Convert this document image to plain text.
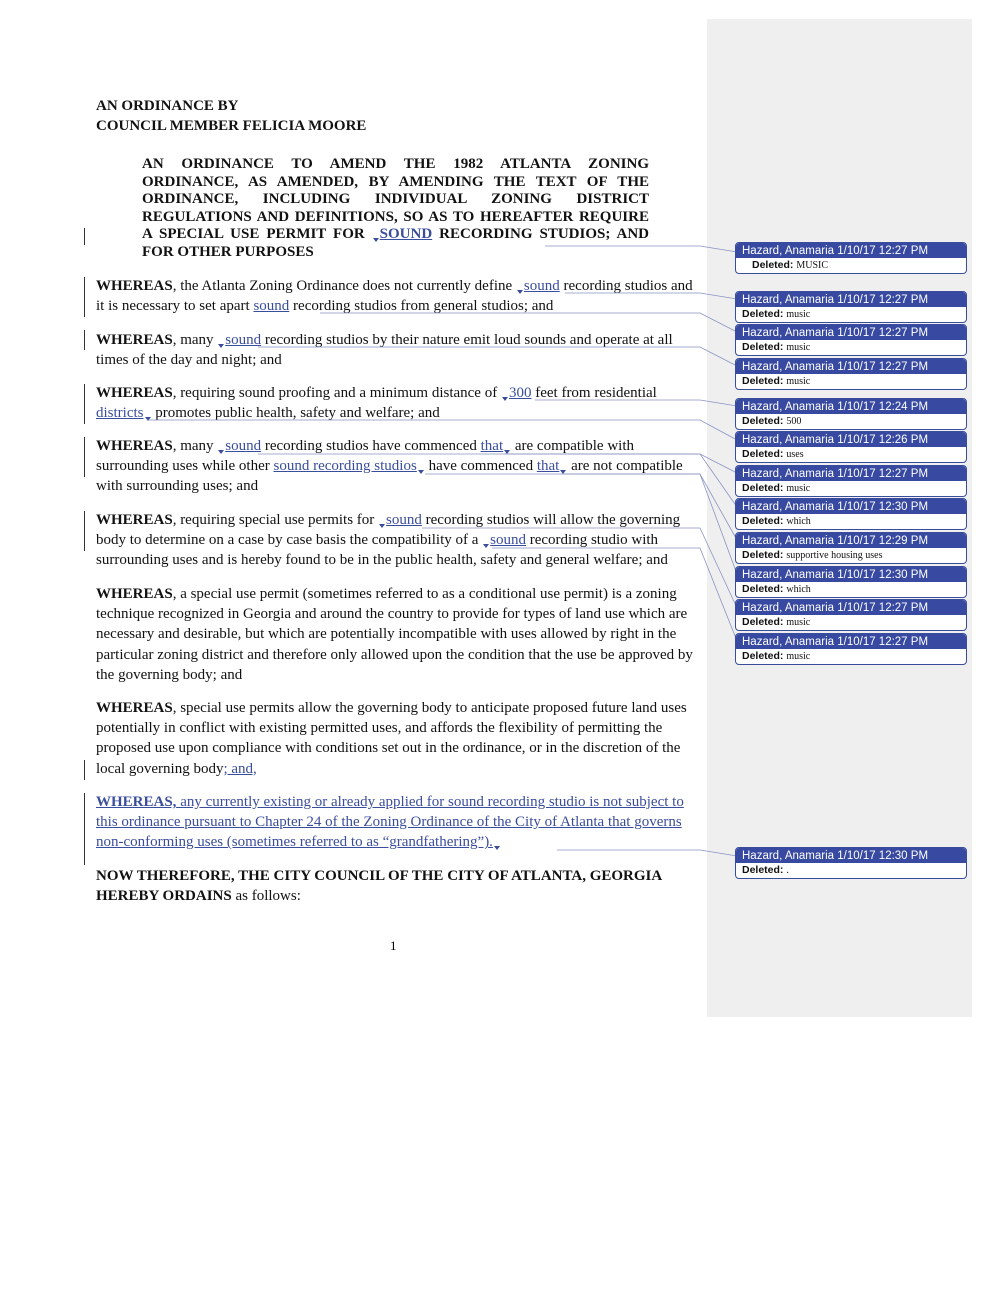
AN ORDINANCE BY
COUNCIL MEMBER FELICIA MOORE
AN ORDINANCE TO AMEND THE 1982 ATLANTA ZONING ORDINANCE, AS AMENDED, BY AMENDING THE TEXT OF THE ORDINANCE, INCLUDING INDIVIDUAL ZONING DISTRICT REGULATIONS AND DEFINITIONS, SO AS TO HEREAFTER REQUIRE A SPECIAL USE PERMIT FOR SOUND RECORDING STUDIOS; AND FOR OTHER PURPOSES
WHEREAS, the Atlanta Zoning Ordinance does not currently define sound recording studios and it is necessary to set apart sound recording studios from general studios; and
WHEREAS, many sound recording studios by their nature emit loud sounds and operate at all times of the day and night; and
WHEREAS, requiring sound proofing and a minimum distance of 300 feet from residential districts promotes public health, safety and welfare; and
WHEREAS, many sound recording studios have commenced that are compatible with surrounding uses while other sound recording studios have commenced that are not compatible with surrounding uses; and
WHEREAS, requiring special use permits for sound recording studios will allow the governing body to determine on a case by case basis the compatibility of a sound recording studio with surrounding uses and is hereby found to be in the public health, safety and general welfare; and
WHEREAS, a special use permit (sometimes referred to as a conditional use permit) is a zoning technique recognized in Georgia and around the country to provide for types of land use which are necessary and desirable, but which are potentially incompatible with uses allowed by right in the particular zoning district and therefore only allowed upon the condition that the use be approved by the governing body; and
WHEREAS, special use permits allow the governing body to anticipate proposed future land uses potentially in conflict with existing permitted uses, and affords the flexibility of permitting the proposed use upon compliance with conditions set out in the ordinance, or in the discretion of the local governing body; and,
WHEREAS, any currently existing or already applied for sound recording studio is not subject to this ordinance pursuant to Chapter 24 of the Zoning Ordinance of the City of Atlanta that governs non-conforming uses (sometimes referred to as “grandfathering”).
NOW THEREFORE, THE CITY COUNCIL OF THE CITY OF ATLANTA, GEORGIA HEREBY ORDAINS as follows:
1
Hazard, Anamaria 1/10/17 12:27 PM
Deleted: MUSIC
Hazard, Anamaria 1/10/17 12:27 PM
Deleted: music
Hazard, Anamaria 1/10/17 12:27 PM
Deleted: music
Hazard, Anamaria 1/10/17 12:27 PM
Deleted: music
Hazard, Anamaria 1/10/17 12:24 PM
Deleted: 500
Hazard, Anamaria 1/10/17 12:26 PM
Deleted: uses
Hazard, Anamaria 1/10/17 12:27 PM
Deleted: music
Hazard, Anamaria 1/10/17 12:30 PM
Deleted: which
Hazard, Anamaria 1/10/17 12:29 PM
Deleted: supportive housing uses
Hazard, Anamaria 1/10/17 12:30 PM
Deleted: which
Hazard, Anamaria 1/10/17 12:27 PM
Deleted: music
Hazard, Anamaria 1/10/17 12:27 PM
Deleted: music
Hazard, Anamaria 1/10/17 12:30 PM
Deleted: .
